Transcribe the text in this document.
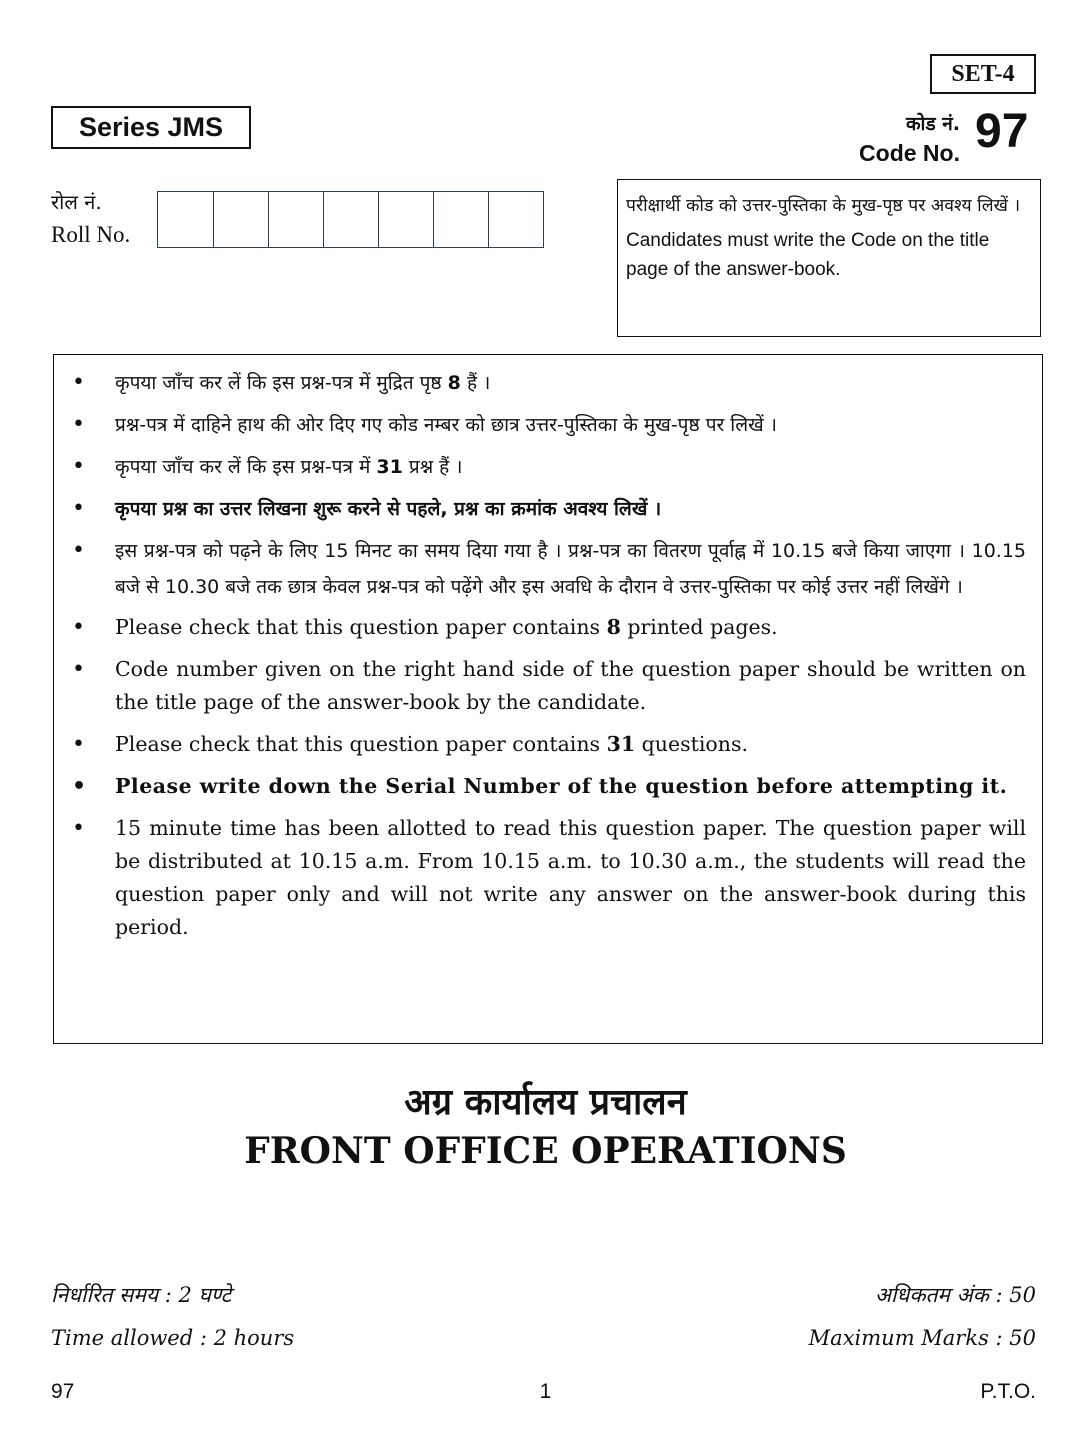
SET-4
Series JMS	कोड नं.
Code No. 97
रोल नं.
Roll No.
परीक्षार्थी कोड को उत्तर-पुस्तिका के मुख-पृष्ठ पर अवश्य लिखें ।
Candidates must write the Code on the title page of the answer-book.
• कृपया जाँच कर लें कि इस प्रश्न-पत्र में मुद्रित पृष्ठ 8 हैं ।
• प्रश्न-पत्र में दाहिने हाथ की ओर दिए गए कोड नम्बर को छात्र उत्तर-पुस्तिका के मुख-पृष्ठ पर लिखें ।
• कृपया जाँच कर लें कि इस प्रश्न-पत्र में 31 प्रश्न हैं ।
• कृपया प्रश्न का उत्तर लिखना शुरू करने से पहले, प्रश्न का क्रमांक अवश्य लिखें ।
• इस प्रश्न-पत्र को पढ़ने के लिए 15 मिनट का समय दिया गया है । प्रश्न-पत्र का वितरण पूर्वाह्न में 10.15 बजे किया जाएगा । 10.15 बजे से 10.30 बजे तक छात्र केवल प्रश्न-पत्र को पढ़ेंगे और इस अवधि के दौरान वे उत्तर-पुस्तिका पर कोई उत्तर नहीं लिखेंगे ।
• Please check that this question paper contains 8 printed pages.
• Code number given on the right hand side of the question paper should be written on the title page of the answer-book by the candidate.
• Please check that this question paper contains 31 questions.
• Please write down the Serial Number of the question before attempting it.
• 15 minute time has been allotted to read this question paper. The question paper will be distributed at 10.15 a.m. From 10.15 a.m. to 10.30 a.m., the students will read the question paper only and will not write any answer on the answer-book during this period.
अग्र कार्यालय प्रचालन
FRONT OFFICE OPERATIONS
निर्धारित समय : 2 घण्टे
Time allowed : 2 hours
अधिकतम अंक : 50
Maximum Marks : 50
97	1	P.T.O.
